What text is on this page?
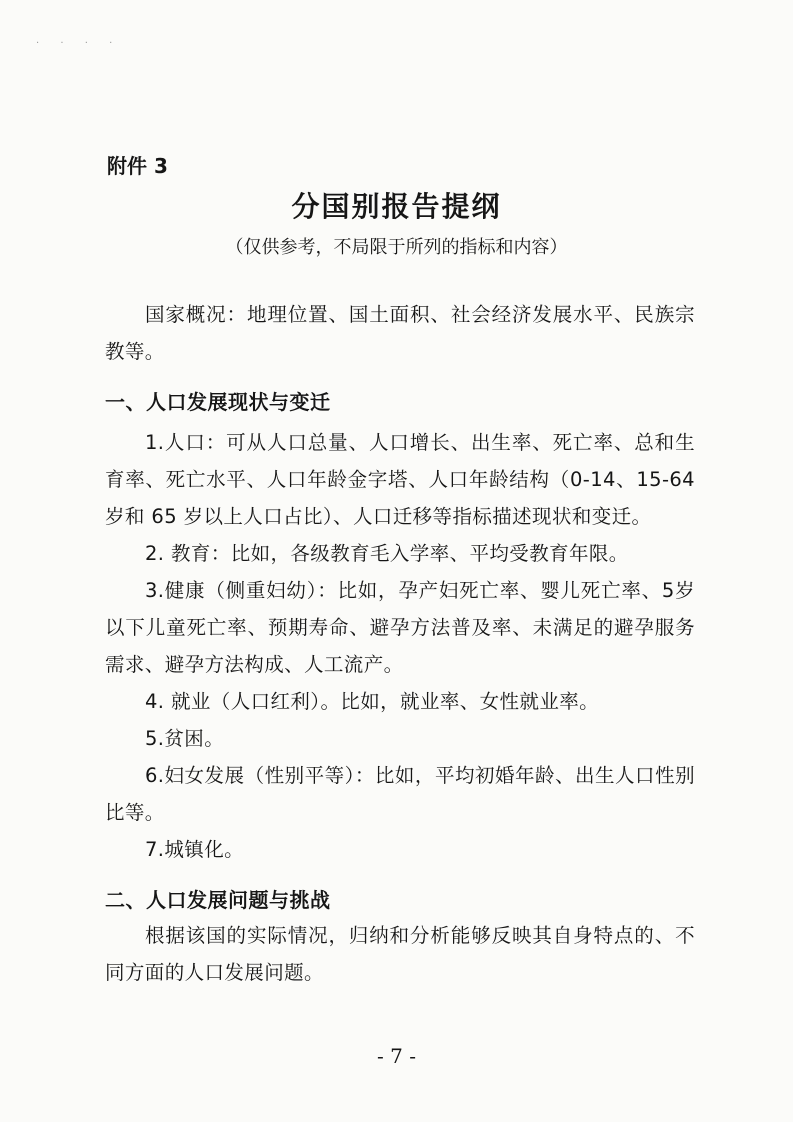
· · · ·
附件 3
分国别报告提纲
（仅供参考，不局限于所列的指标和内容）
国家概况：地理位置、国土面积、社会经济发展水平、民族宗教等。
一、人口发展现状与变迁
1.人口：可从人口总量、人口增长、出生率、死亡率、总和生育率、死亡水平、人口年龄金字塔、人口年龄结构（0-14、15-64岁和 65 岁以上人口占比）、人口迁移等指标描述现状和变迁。
2. 教育：比如，各级教育毛入学率、平均受教育年限。
3.健康（侧重妇幼）：比如，孕产妇死亡率、婴儿死亡率、5岁以下儿童死亡率、预期寿命、避孕方法普及率、未满足的避孕服务需求、避孕方法构成、人工流产。
4. 就业（人口红利）。比如，就业率、女性就业率。
5.贫困。
6.妇女发展（性别平等）：比如，平均初婚年龄、出生人口性别比等。
7.城镇化。
二、人口发展问题与挑战
根据该国的实际情况，归纳和分析能够反映其自身特点的、不同方面的人口发展问题。
- 7 -
